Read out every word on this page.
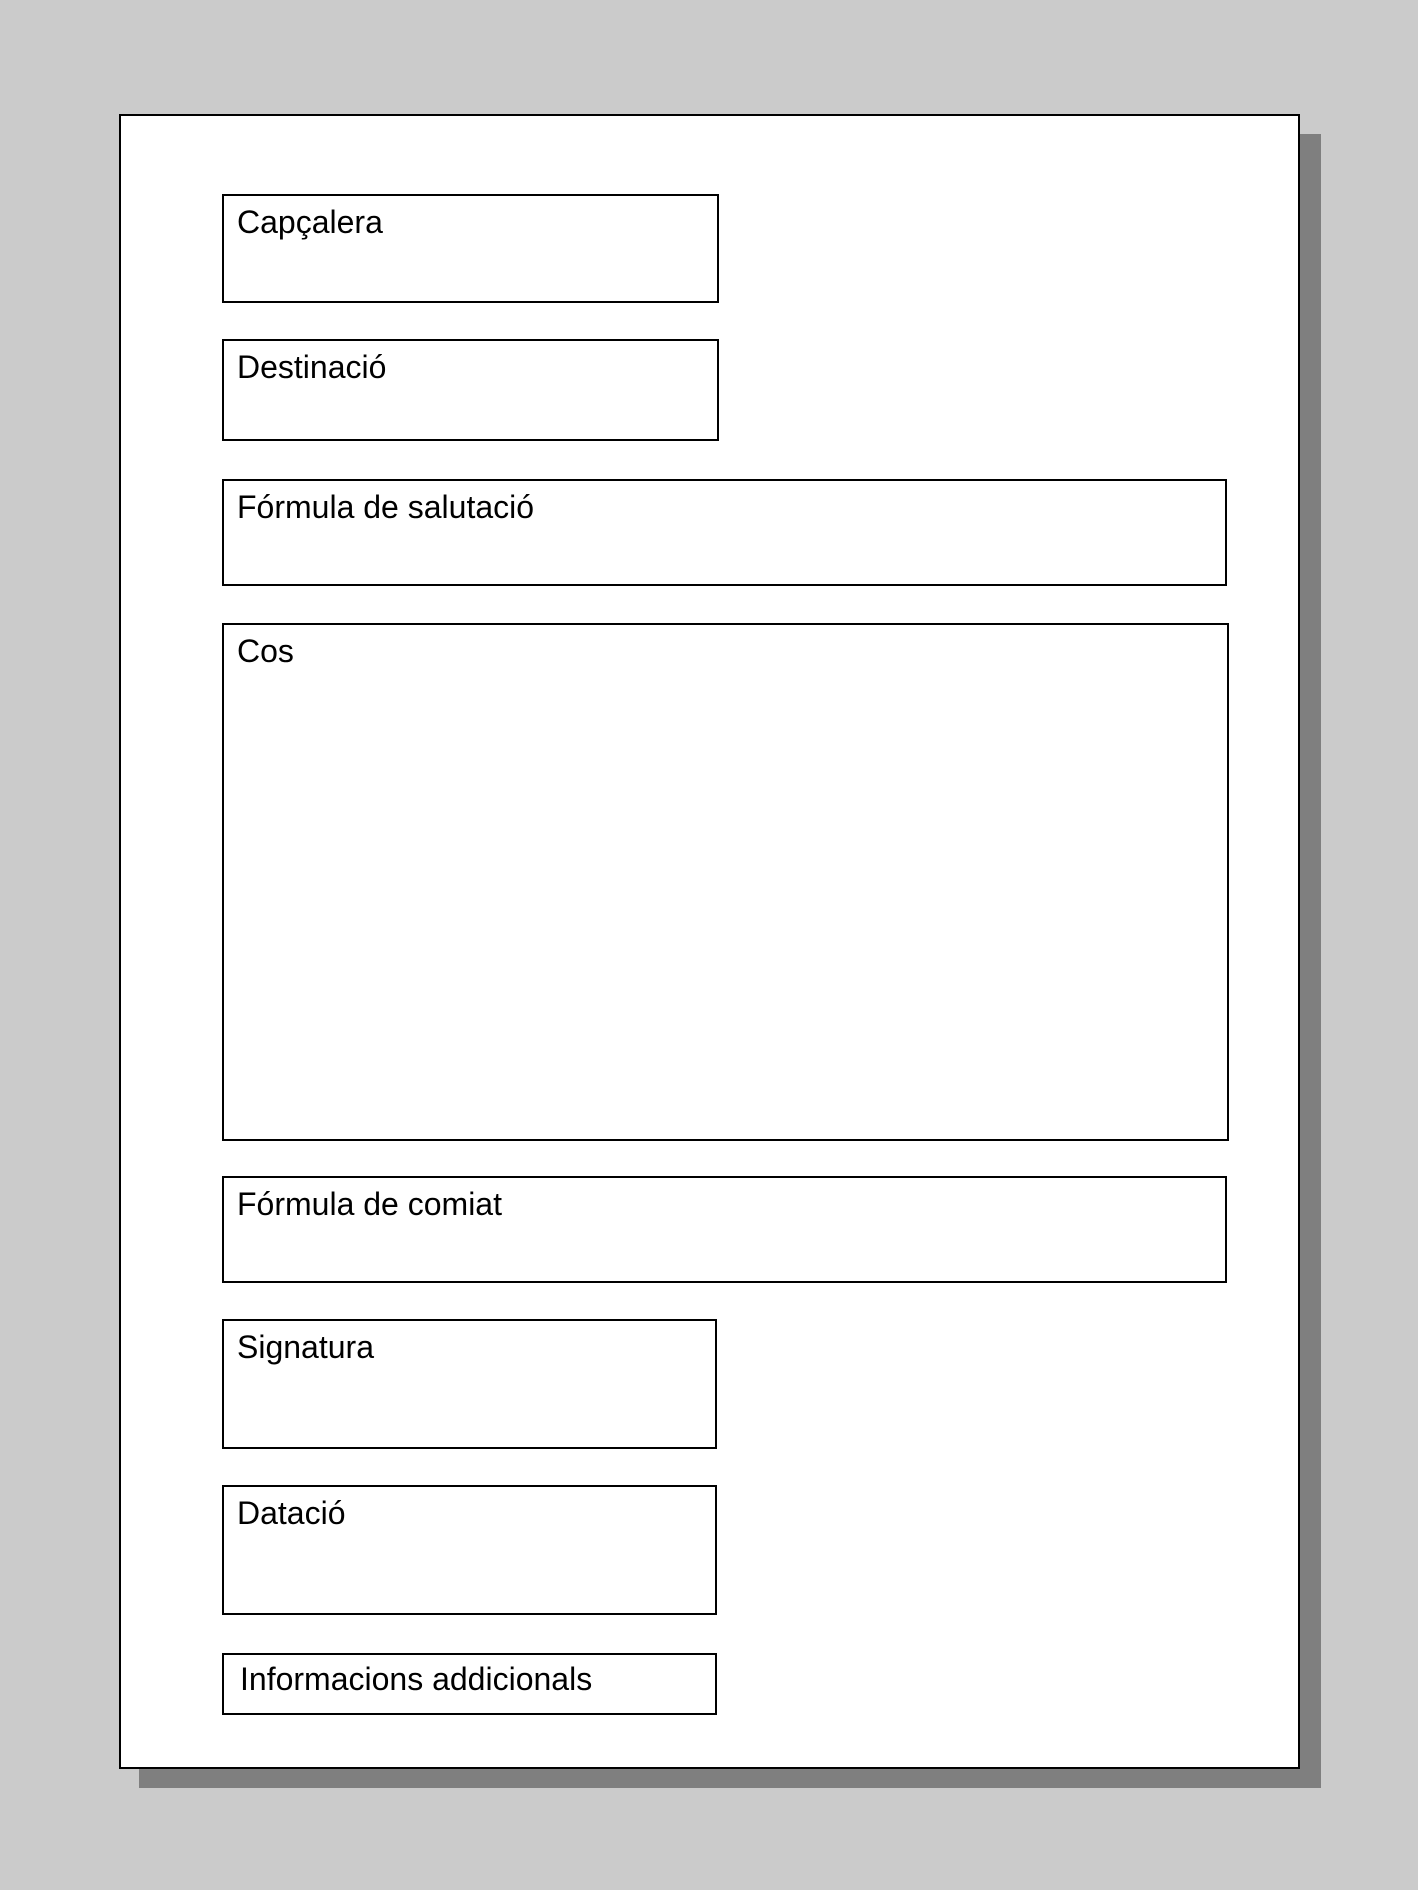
Capçalera
Destinació
Fórmula de salutació
Cos
Fórmula de comiat
Signatura
Datació
Informacions addicionals
